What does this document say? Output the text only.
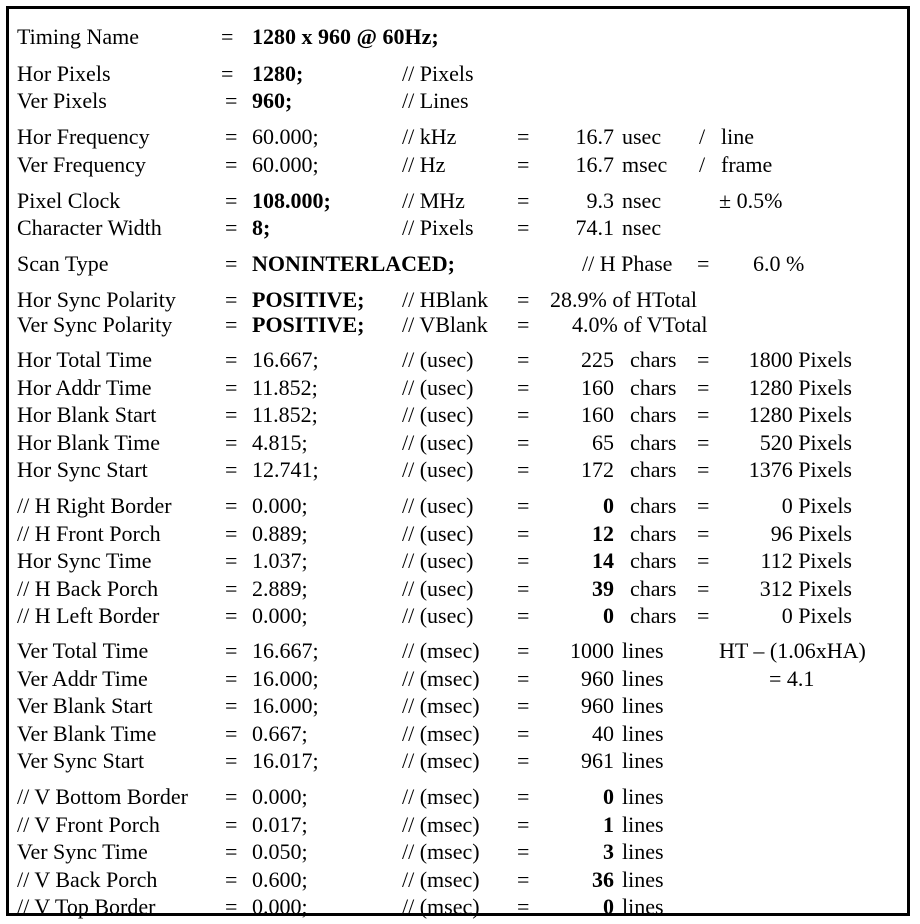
Timing Name	= 1280 x 960 @ 60Hz;
Hor Pixels	= 1280;	// Pixels
Ver Pixels	= 960;	// Lines
Hor Frequency	= 60.000;	// kHz	=	16.7 usec / line
Ver Frequency	= 60.000;	// Hz	=	16.7 msec / frame
Pixel Clock	= 108.000;	// MHz =	9.3 nsec	± 0.5%
Character Width	= 8;	// Pixels =	74.1 nsec
Scan Type	= NONINTERLACED;	// H Phase = 6.0 %
Hor Sync Polarity = POSITIVE; // HBlank = 28.9% of HTotal
Ver Sync Polarity = POSITIVE; // VBlank = 4.0% of VTotal
Hor Total Time	= 16.667;	// (usec) =	225 chars =	1800 Pixels
Hor Addr Time	= 11.852;	// (usec) =	160 chars =	1280 Pixels
Hor Blank Start	= 11.852;	// (usec) =	160 chars =	1280 Pixels
Hor Blank Time	= 4.815;	// (usec) =	65 chars =	520 Pixels
Hor Sync Start	= 12.741;	// (usec) =	172 chars =	1376 Pixels
// H Right Border = 0.000;	// (usec) =	0 chars =	0 Pixels
// H Front Porch	= 0.889;	// (usec) =	12 chars =	96 Pixels
Hor Sync Time	= 1.037;	// (usec) =	14 chars =	112 Pixels
// H Back Porch	= 2.889;	// (usec) =	39 chars =	312 Pixels
// H Left Border	= 0.000;	// (usec) =	0 chars =	0 Pixels
Ver Total Time	= 16.667;	// (msec) =	1000 lines	HT – (1.06xHA)
Ver Addr Time	= 16.000;	// (msec) =	960 lines	= 4.1
Ver Blank Start	= 16.000;	// (msec) =	960 lines
Ver Blank Time	= 0.667;	// (msec) =	40 lines
Ver Sync Start	= 16.017;	// (msec) =	961 lines
// V Bottom Border = 0.000;	// (msec) =	0 lines
// V Front Porch	= 0.017;	// (msec) =	1 lines
Ver Sync Time	= 0.050;	// (msec) =	3 lines
// V Back Porch	= 0.600;	// (msec) =	36 lines
// V Top Border	= 0.000;	// (msec) =	0 lines
